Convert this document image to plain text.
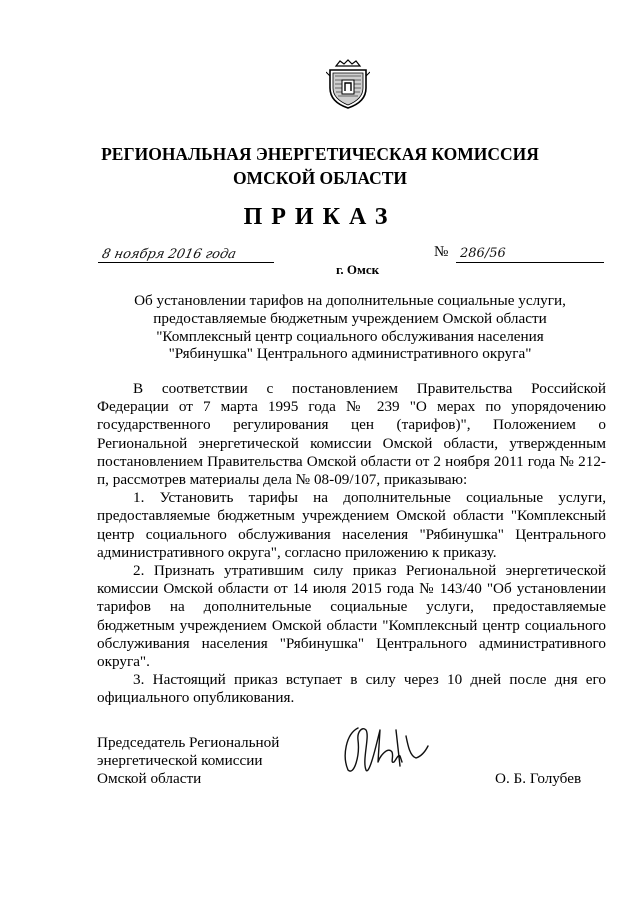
РЕГИОНАЛЬНАЯ ЭНЕРГЕТИЧЕСКАЯ КОМИССИЯ
ОМСКОЙ ОБЛАСТИ
ПРИКАЗ
8 ноября 2016 года	№ 286/56
г. Омск
Об установлении тарифов на дополнительные социальные услуги,
предоставляемые бюджетным учреждением Омской области
"Комплексный центр социального обслуживания населения
"Рябинушка" Центрального административного округа"

В соответствии с постановлением Правительства Российской Федерации от 7 марта 1995 года № 239 "О мерах по упорядочению государственного регулирования цен (тарифов)", Положением о Региональной энергетической комиссии Омской области, утвержденным постановлением Правительства Омской области от 2 ноября 2011 года № 212-п, рассмотрев материалы дела № 08-09/107, приказываю:

1. Установить тарифы на дополнительные социальные услуги, предоставляемые бюджетным учреждением Омской области "Комплексный центр социального обслуживания населения "Рябинушка" Центрального административного округа", согласно приложению к приказу.

2. Признать утратившим силу приказ Региональной энергетической комиссии Омской области от 14 июля 2015 года № 143/40 "Об установлении тарифов на дополнительные социальные услуги, предоставляемые бюджетным учреждением Омской области "Комплексный центр социального обслуживания населения "Рябинушка" Центрального административного округа".

3. Настоящий приказ вступает в силу через 10 дней после дня его официального опубликования.

Председатель Региональной
энергетической комиссии
Омской области	О. Б. Голубев
